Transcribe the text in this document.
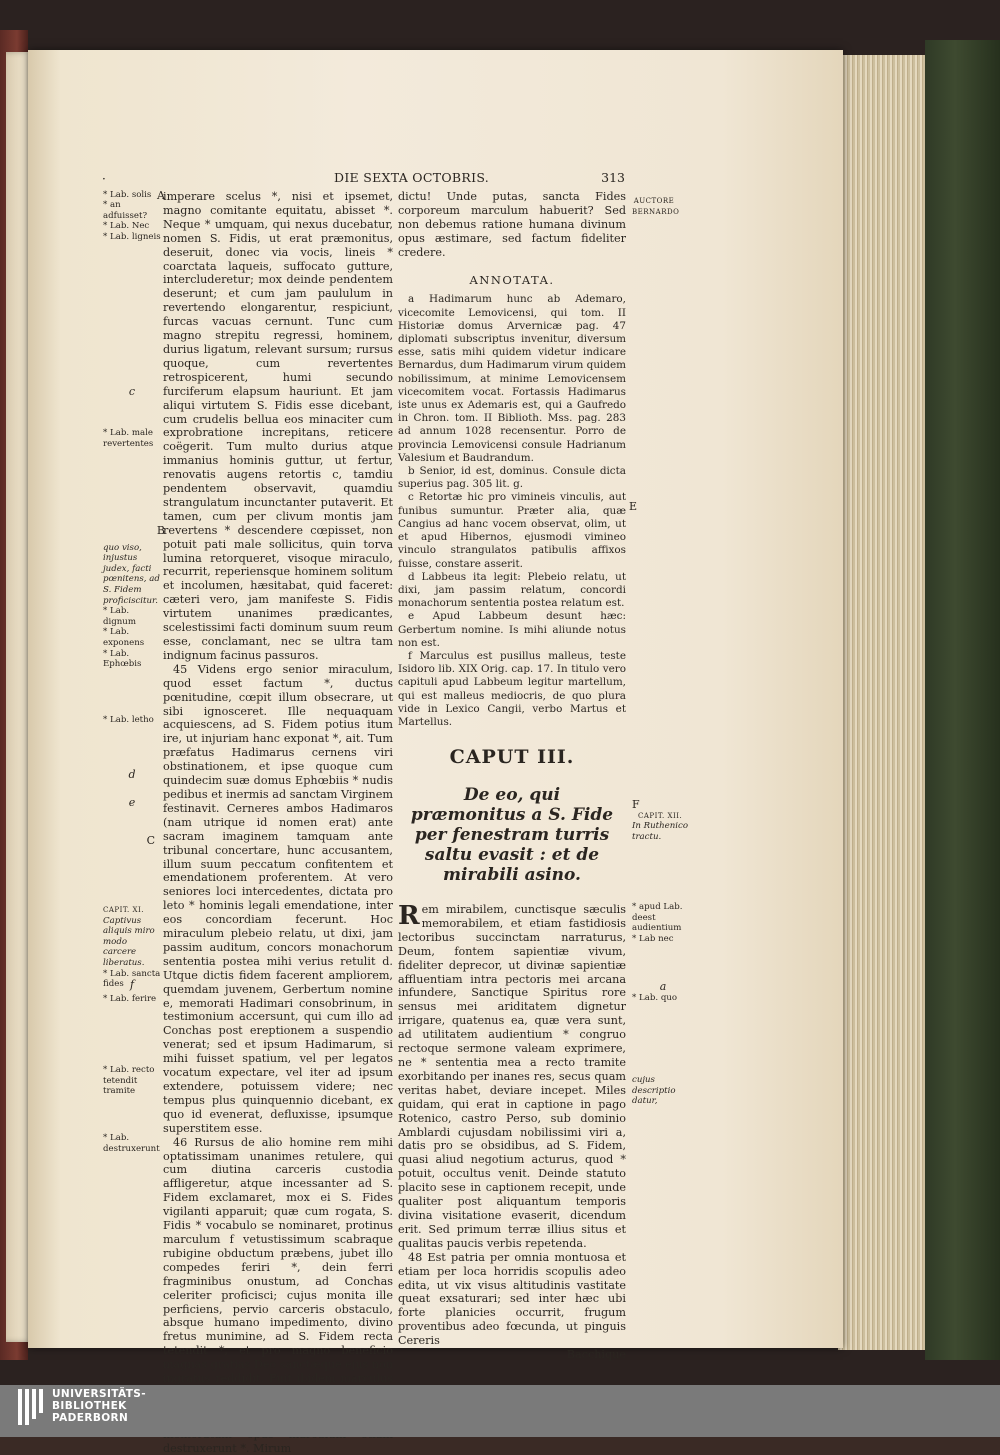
DIE SEXTA OCTOBRIS.	313
·
A
* Lab. solis
* an adfuisset?
* Lab. Nec
* Lab. ligneis
c
* Lab. male revertentes
B
quo viso, injustus judex, facti pœnitens, ad S. Fidem proficiscitur.
* Lab. dignum
* Lab. exponens
* Lab. Ephœbis
* Lab. letho
d
e
C
CAPIT. XI.
Captivus aliquis miro modo carcere liberatus.
* Lab. sancta fides f
* Lab. ferire
* Lab. recto tetendit tramite
* Lab. destruxerunt

imperare scelus *, nisi et ipsemet, magno comitante equitatu, abisset *. Neque * umquam, qui nexus ducebatur, nomen S. Fidis, ut erat præmonitus, deseruit, donec via vocis, lineis * coarctata laqueis, suffocato gutture, intercluderetur; mox deinde pendentem deserunt; et cum jam paululum in revertendo elongarentur, respiciunt, furcas vacuas cernunt. Tunc cum magno strepitu regressi, hominem, durius ligatum, relevant sursum; rursus quoque, cum revertentes retrospicerent, humi secundo furciferum elapsum hauriunt. Et jam aliqui virtutem S. Fidis esse dicebant, cum crudelis bellua eos minaciter cum exprobratione increpitans, reticere coëgerit. Tum multo durius atque immanius hominis guttur, ut fertur, renovatis augens retortis c, tamdiu pendentem observavit, quamdiu strangulatum incunctanter putaverit. Et tamen, cum per clivum montis jam revertens * descendere cœpisset, non potuit pati male sollicitus, quin torva lumina retorqueret, visoque miraculo, recurrit, reperiensque hominem solitum et incolumen, hæsitabat, quid faceret: cæteri vero, jam manifeste S. Fidis virtutem unanimes prædicantes, scelestissimi facti dominum suum reum esse, conclamant, nec se ultra tam indignum facinus passuros.

45 Videns ergo senior miraculum, quod esset factum *, ductus pœnitudine, cœpit illum obsecrare, ut sibi ignosceret. Ille nequaquam acquiescens, ad S. Fidem potius itum ire, ut injuriam hanc exponat *, ait. Tum præfatus Hadimarus cernens viri obstinationem, et ipse quoque cum quindecim suæ domus Ephœbiis * nudis pedibus et inermis ad sanctam Virginem festinavit. Cerneres ambos Hadimaros (nam utrique id nomen erat) ante sacram imaginem tamquam ante tribunal concertare, hunc accusantem, illum suum peccatum confitentem et emendationem proferentem. At vero seniores loci intercedentes, dictata pro leto * hominis legali emendatione, inter eos concordiam fecerunt. Hoc miraculum plebeio relatu, ut dixi, jam passim auditum, concors monachorum sententia postea mihi verius retulit d. Utque dictis fidem facerent ampliorem, quemdam juvenem, Gerbertum nomine e, memorati Hadimari consobrinum, in testimonium accersunt, qui cum illo ad Conchas post ereptionem a suspendio venerat; sed et ipsum Hadimarum, si mihi fuisset spatium, vel per legatos vocatum expectare, vel iter ad ipsum extendere, potuissem videre; nec tempus plus quinquennio dicebant, ex quo id evenerat, defluxisse, ipsumque superstitem esse.

46 Rursus de alio homine rem mihi optatissimam unanimes retulere, qui cum diutina carceris custodia affligeretur, atque incessanter ad S. Fidem exclamaret, mox ei S. Fides vigilanti apparuit; quæ cum rogata, S. Fidis * vocabulo se nominaret, protinus marculum f vetustissimum scabraque rubigine obductum præbens, jubet illo compedes feriri *, dein ferri fragminibus onustum, ad Conchas celeriter proficisci; cujus monita ille perficiens, pervio carceris obstaculo, absque humano impedimento, divino fretus munimine, ad S. Fidem recta tetendit *, et pro magno beneficio magnas gratias Deo sanctæque ejus non ingratus reddidit. Fuit ibidem marculus destruxerunt *. Mirum

dictu! Unde putas, sancta Fides corporeum marculum habuerit? Sed non debemus ratione humana divinum opus æstimare, sed factum fideliter credere.

ANNOTATA.

a Hadimarum hunc ab Ademaro, vicecomite Lemovicensi, qui tom. II Historiæ domus Arvernicæ pag. 47 diplomati subscriptus invenitur, diversum esse, satis mihi quidem videtur indicare Bernardus, dum Hadimarum virum quidem nobilissimum, at minime Lemovicensem vicecomitem vocat. Fortassis Hadimarus iste unus ex Ademaris est, qui a Gaufredo in Chron. tom. II Biblioth. Mss. pag. 283 ad annum 1028 recensentur. Porro de provincia Lemovicensi consule Hadrianum Valesium et Baudrandum.

b Senior, id est, dominus. Consule dicta superius pag. 305 lit. g.

c Retortæ hic pro vimineis vinculis, aut funibus sumuntur. Præter alia, quæ Cangius ad hanc vocem observat, olim, ut et apud Hibernos, ejusmodi vimineo vinculo strangulatos patibulis affixos fuisse, constare asserit.

d Labbeus ita legit: Plebeio relatu, ut dixi, jam passim relatum, concordi monachorum sententia postea relatum est.

e Apud Labbeum desunt hæc: Gerbertum nomine. Is mihi aliunde notus non est.

f Marculus est pusillus malleus, teste Isidoro lib. XIX Orig. cap. 17. In titulo vero capituli apud Labbeum legitur martellum, qui est malleus mediocris, de quo plura vide in Lexico Cangii, verbo Martus et Martellus.

CAPUT III.

De eo, qui præmonitus a S. Fide per fenestram turris saltu evasit : et de mirabili asino.

Rem mirabilem, cunctisque sæculis memorabilem, et etiam fastidiosis lectoribus succinctam narraturus, Deum, fontem sapientiæ vivum, fideliter deprecor, ut divinæ sapientiæ affluentiam intra pectoris mei arcana infundere, Sanctique Spiritus rore sensus mei ariditatem dignetur irrigare, quatenus ea, quæ vera sunt, ad utilitatem audientium * congruo rectoque sermone valeam exprimere, ne * sententia mea a recto tramite exorbitando per inanes res, secus quam veritas habet, deviare incepet. Miles quidam, qui erat in captione in pago Rotenico, castro Perso, sub dominio Amblardi cujusdam nobilissimi viri a, datis pro se obsidibus, ad S. Fidem, quasi aliud negotium acturus, quod * potuit, occultus venit. Deinde statuto placito sese in captionem recepit, unde qualiter post aliquantum temporis divina visitatione evaserit, dicendum erit. Sed primum terræ illius situs et qualitas paucis verbis repetenda.

48 Est patria per omnia montuosa et etiam per loca horridis scopulis adeo edita, ut vix visus altitudinis vastitate queat exsaturari; sed inter hæc ubi forte planicies occurrit, frugum proventibus adeo fœcunda, ut pinguis Cereris

Bacchique

AUCTORE BERNARDO
E
F
CAPIT. XII.
In Ruthenico tractu.
* apud Lab. deest audientium
* Lab nec
a
* Lab. quo
cujus descriptio datur,
UNIVERSITÄTS-
BIBLIOTHEK
PADERBORN
